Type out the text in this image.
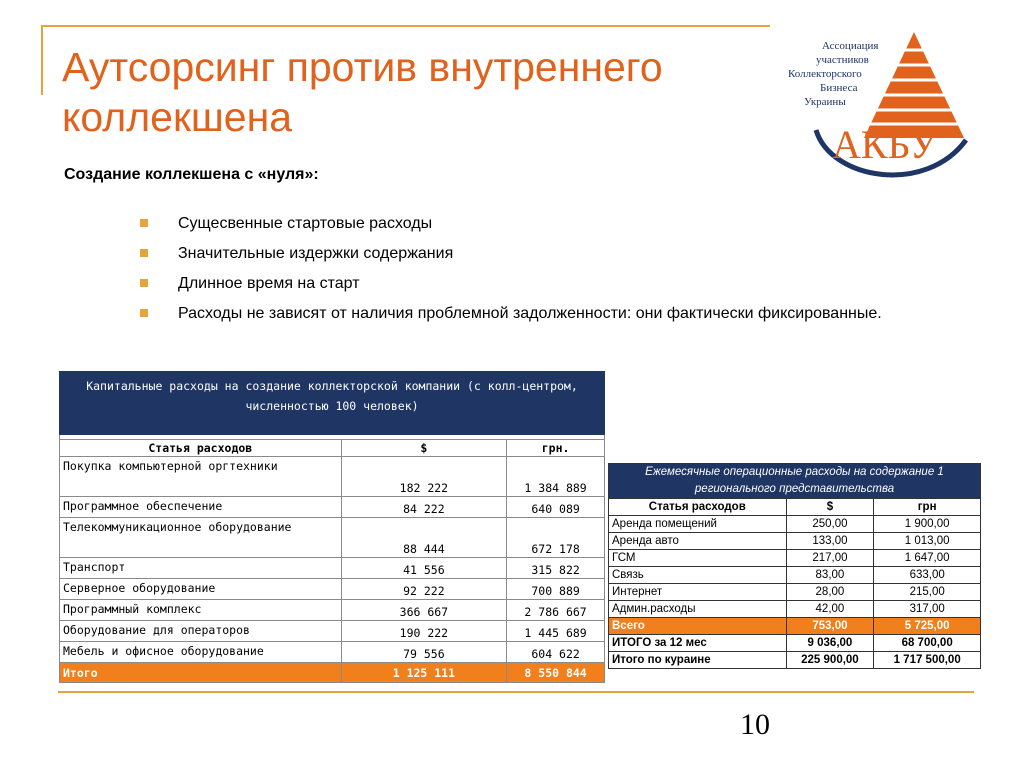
Аутсорсинг против внутреннего
коллекшена
Ассоциация
участников
Коллекторского
Бизнеса
Украины
АКБУ
Создание коллекшена с «нуля»:
Сущесвенные стартовые расходы
Значительные издержки содержания
Длинное время на старт
Расходы не зависят от наличия проблемной задолженности: они фактически фиксированные.
Капитальные расходы на создание коллекторской компании (с колл-центром, численностью 100 человек)		

Статья расходов	$	грн.
Покупка компьютерной оргтехники	182 222	1 384 889
Программное обеспечение	84 222	640 089
Телекоммуникационное оборудование	88 444	672 178
Транспорт	41 556	315 822
Серверное оборудование	92 222	700 889
Программный комплекс	366 667	2 786 667
Оборудование для операторов	190 222	1 445 689
Мебель и офисное оборудование	79 556	604 622
Итого	1 125 111	8 550 844
Ежемесячные операционные расходы на содержание 1 регионального представительства		
Статья расходов	$	грн
Аренда помещений	250,00	1 900,00
Аренда авто	133,00	1 013,00
ГСМ	217,00	1 647,00
Связь	83,00	633,00
Интернет	28,00	215,00
Админ.расходы	42,00	317,00
Всего	753,00	5 725,00
ИТОГО за 12 мес	9 036,00	68 700,00
Итого по кураине	225 900,00	1 717 500,00
10
